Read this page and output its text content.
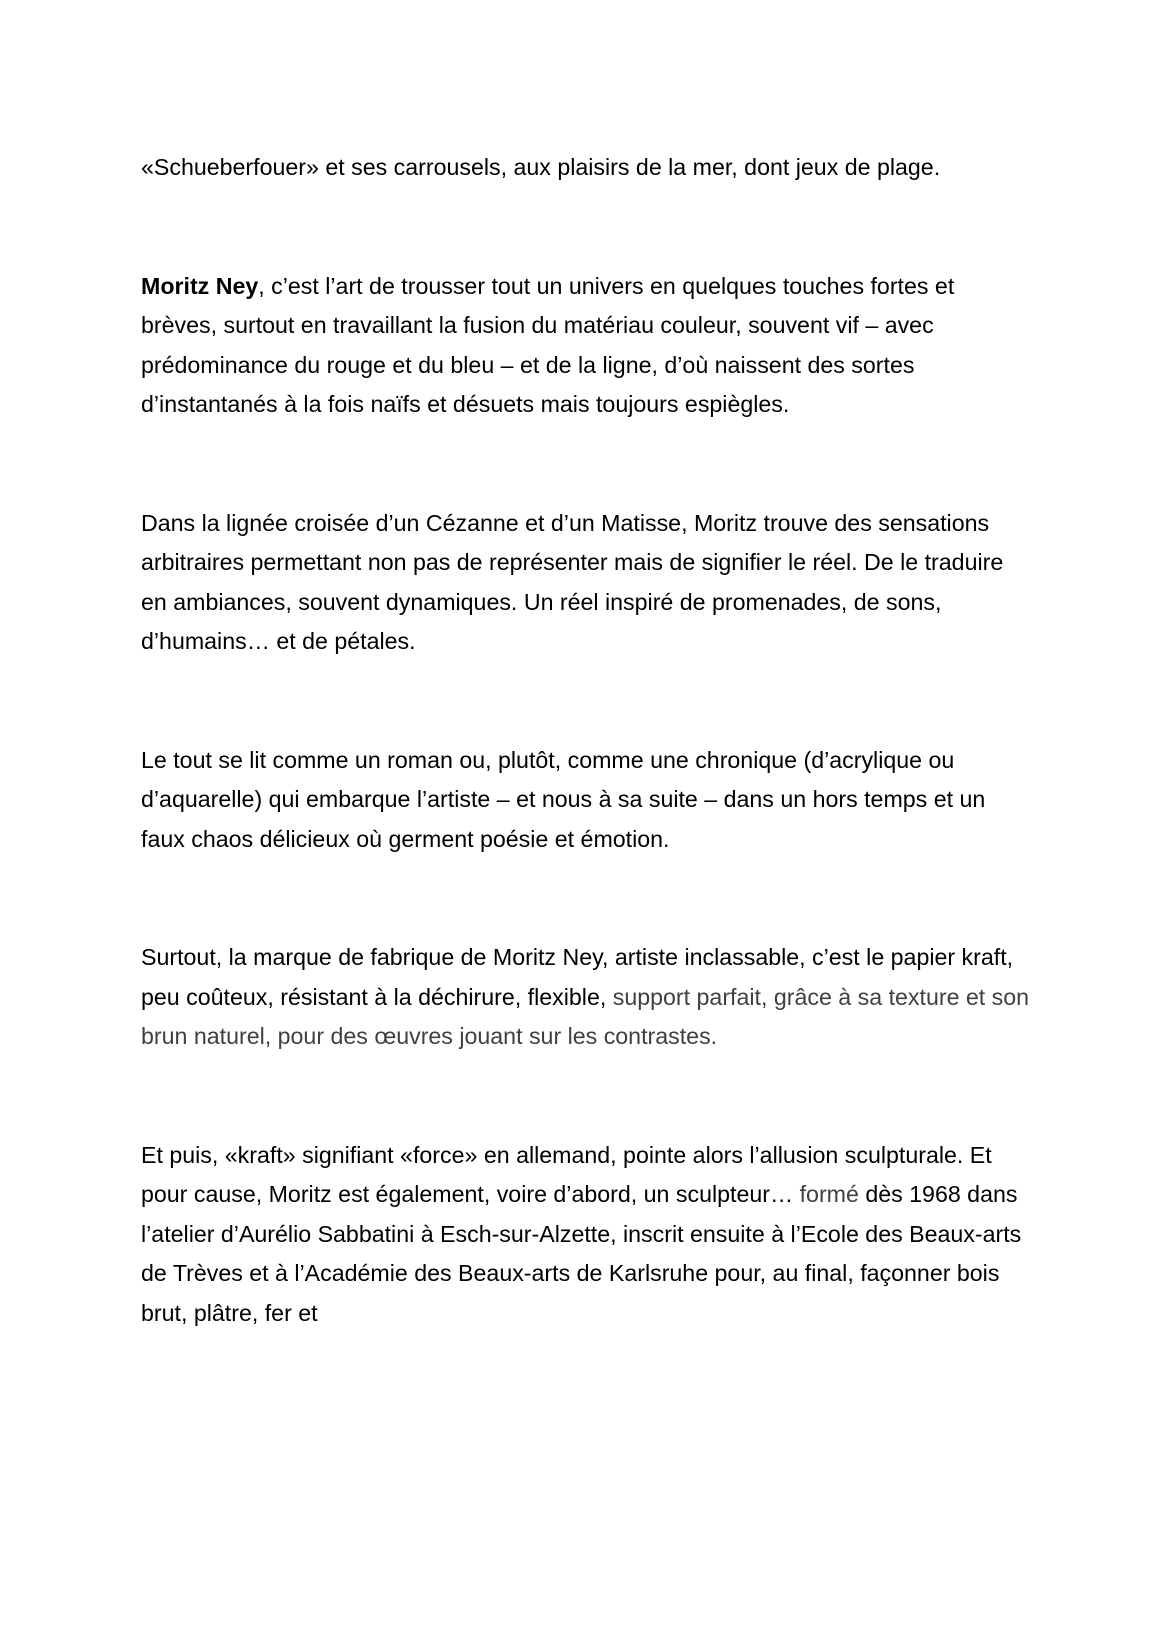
«Schueberfouer» et ses carrousels, aux plaisirs de la mer, dont jeux de plage.

Moritz Ney, c’est l’art de trousser tout un univers en quelques touches fortes et brèves, surtout en travaillant la fusion du matériau couleur, souvent vif – avec prédominance du rouge et du bleu – et de la ligne, d’où naissent des sortes d’instantanés à la fois naïfs et désuets mais toujours espiègles.

Dans la lignée croisée d’un Cézanne et d’un Matisse, Moritz trouve des sensations arbitraires permettant non pas de représenter mais de signifier le réel. De le traduire en ambiances, souvent dynamiques. Un réel inspiré de promenades, de sons, d’humains… et de pétales.

Le tout se lit comme un roman ou, plutôt, comme une chronique (d’acrylique ou d’aquarelle) qui embarque l’artiste – et nous à sa suite – dans un hors temps et un faux chaos délicieux où germent poésie et émotion.

Surtout, la marque de fabrique de Moritz Ney, artiste inclassable, c’est le papier kraft, peu coûteux, résistant à la déchirure, flexible, support parfait, grâce à sa texture et son brun naturel, pour des œuvres jouant sur les contrastes.

Et puis, «kraft» signifiant «force» en allemand, pointe alors l’allusion sculpturale. Et pour cause, Moritz est également, voire d’abord, un sculpteur… formé dès 1968 dans l’atelier d’Aurélio Sabbatini à Esch-sur-Alzette, inscrit ensuite à l’Ecole des Beaux-arts de Trèves et à l’Académie des Beaux-arts de Karlsruhe pour, au final, façonner bois brut, plâtre, fer et
